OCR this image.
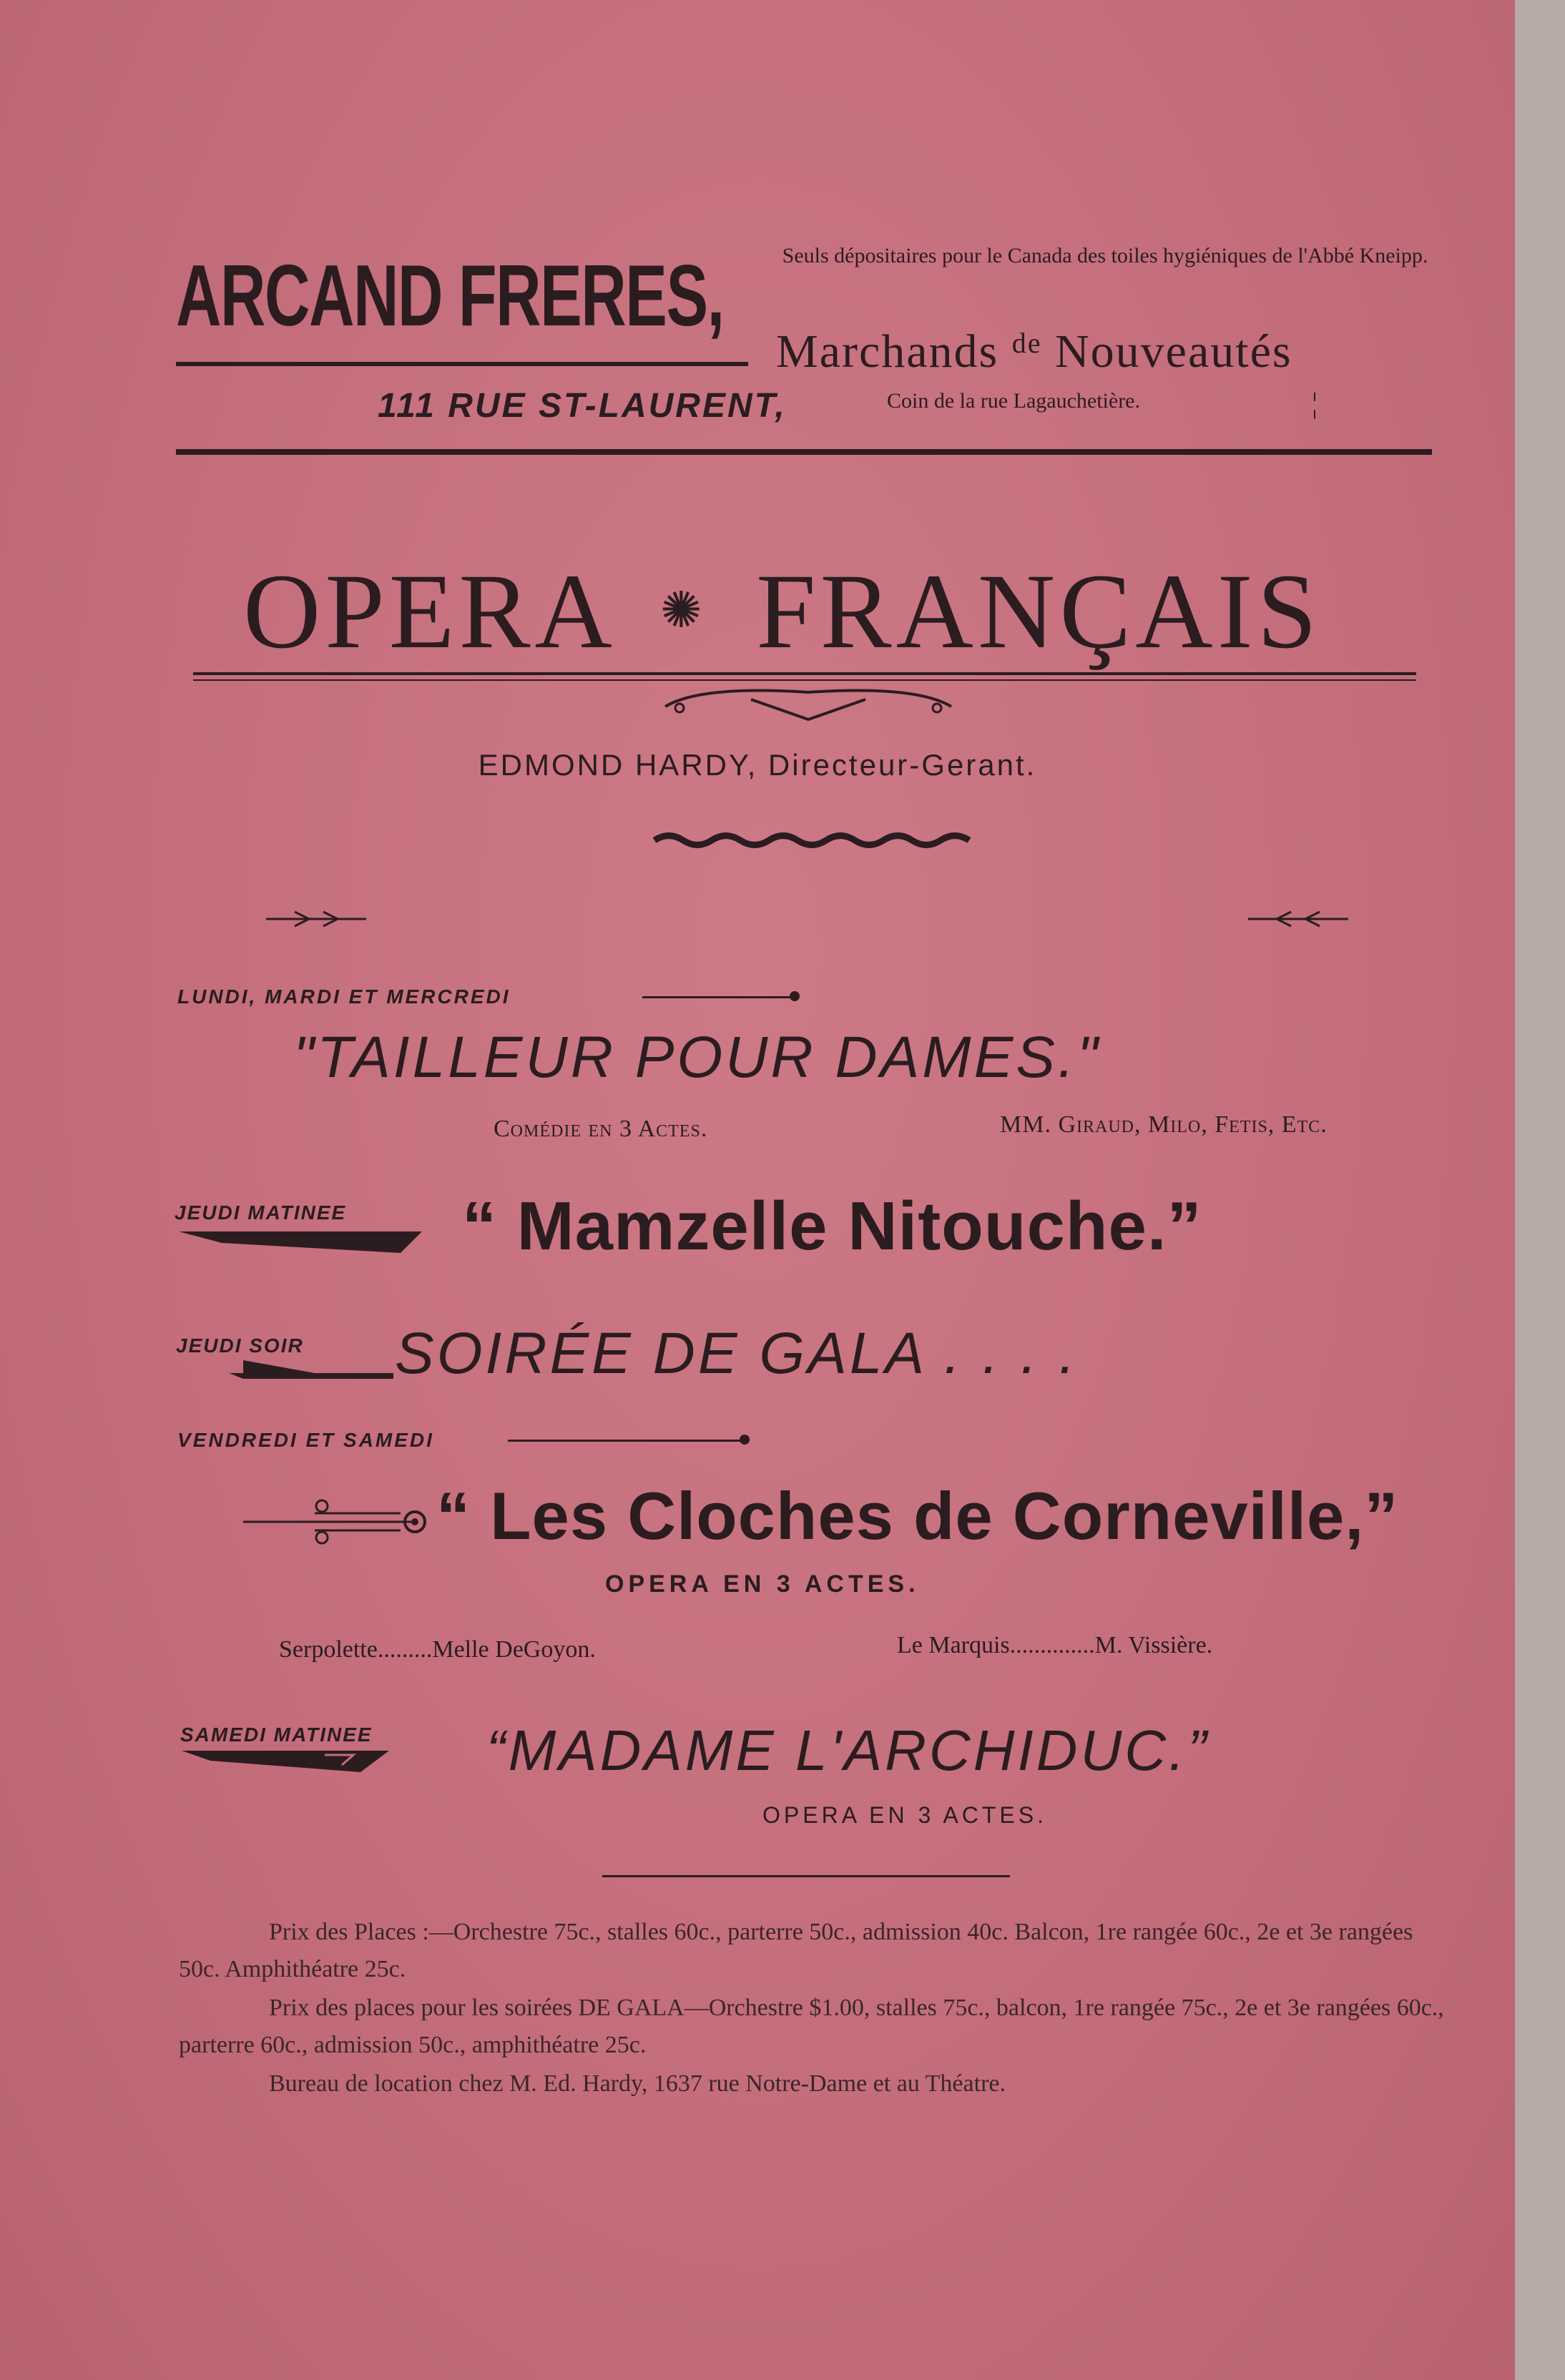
ARCAND FRERES,	Seuls dépositaires pour le Canada des toiles hygiéniques de l'Abbé Kneipp.
Marchands $^{de}$ Nouveautés
111 RUE ST-LAURENT,	Coin de la rue Lagauchetière.	¦
OPERA ✺ FRANÇAIS
EDMOND HARDY, Directeur-Gerant.
LUNDI, MARDI ET MERCREDI
"TAILLEUR POUR DAMES."
Comédie en 3 Actes.	MM. Giraud, Milo, Fetis, Etc.
JEUDI MATINEE “ Mamzelle Nitouche.”
JEUDI SOIR SOIRÉE DE GALA . . . .
VENDREDI ET SAMEDI
“ Les Cloches de Corneville,”
OPERA EN 3 ACTES.
Serpolette.........Melle DeGoyon.	Le Marquis..............M. Vissière.
SAMEDI MATINEE “MADAME L'ARCHIDUC.”
OPERA EN 3 ACTES.
Prix des Places :—Orchestre 75c., stalles 60c., parterre 50c., admission 40c. Balcon, 1re rangée 60c., 2e et 3e rangées 50c. Amphithéatre 25c.
Prix des places pour les soirées DE GALA—Orchestre $1.00, stalles 75c., balcon, 1re rangée 75c., 2e et 3e rangées 60c., parterre 60c., admission 50c., amphithéatre 25c.
Bureau de location chez M. Ed. Hardy, 1637 rue Notre-Dame et au Théatre.
